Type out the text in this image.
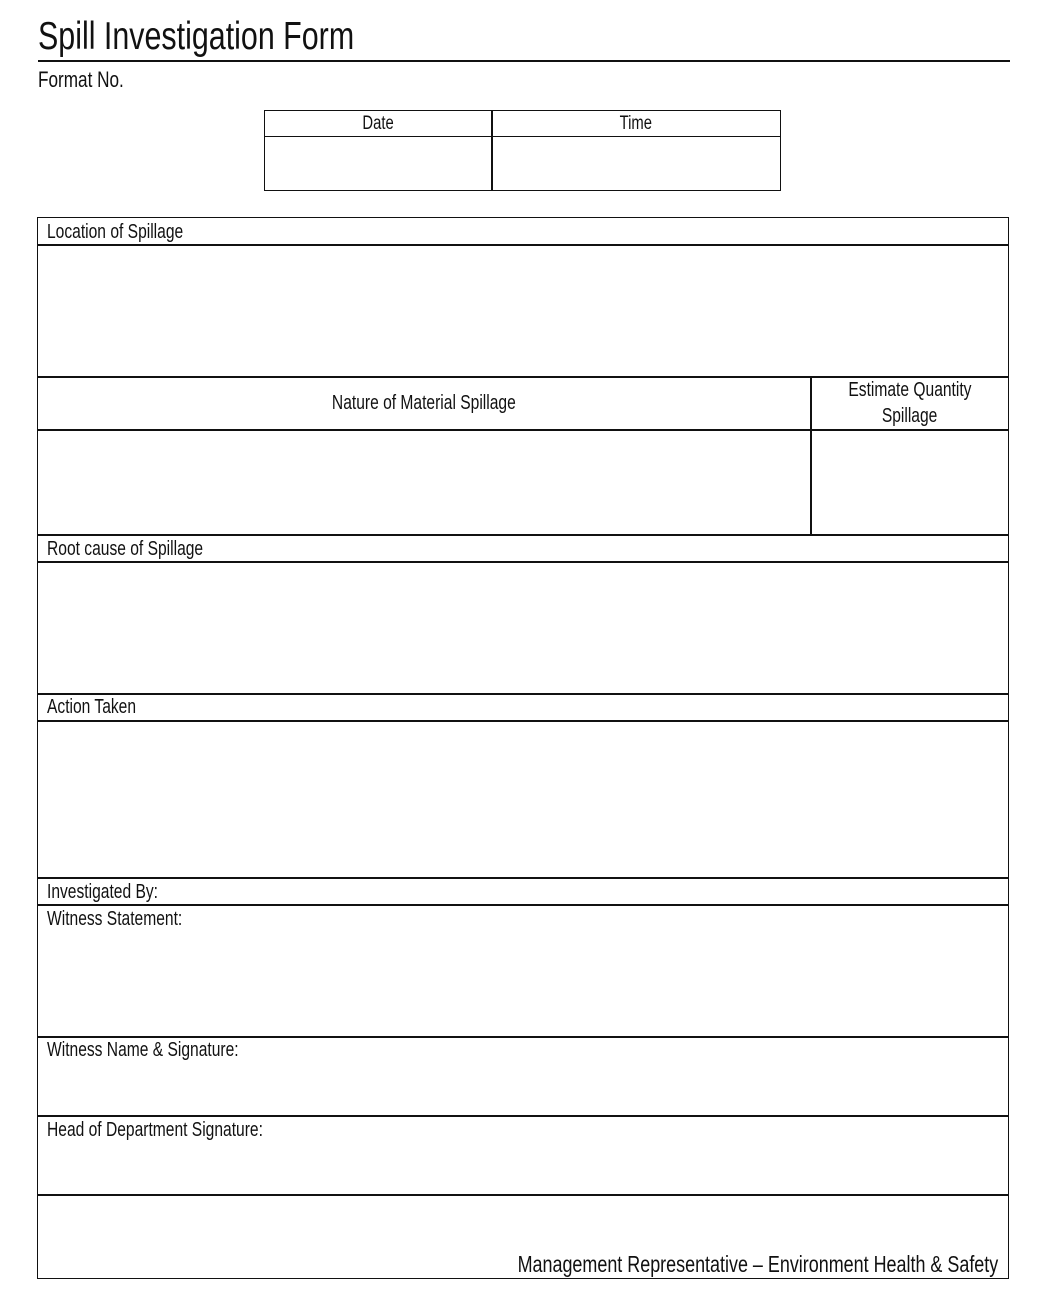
Spill Investigation Form
Format No.
Date	Time
Location of Spillage
Nature of Material Spillage
Estimate Quantity
Spillage
Root cause of Spillage
Action Taken
Investigated By:
Witness Statement:
Witness Name & Signature:
Head of Department Signature:
Management Representative – Environment Health & Safety
